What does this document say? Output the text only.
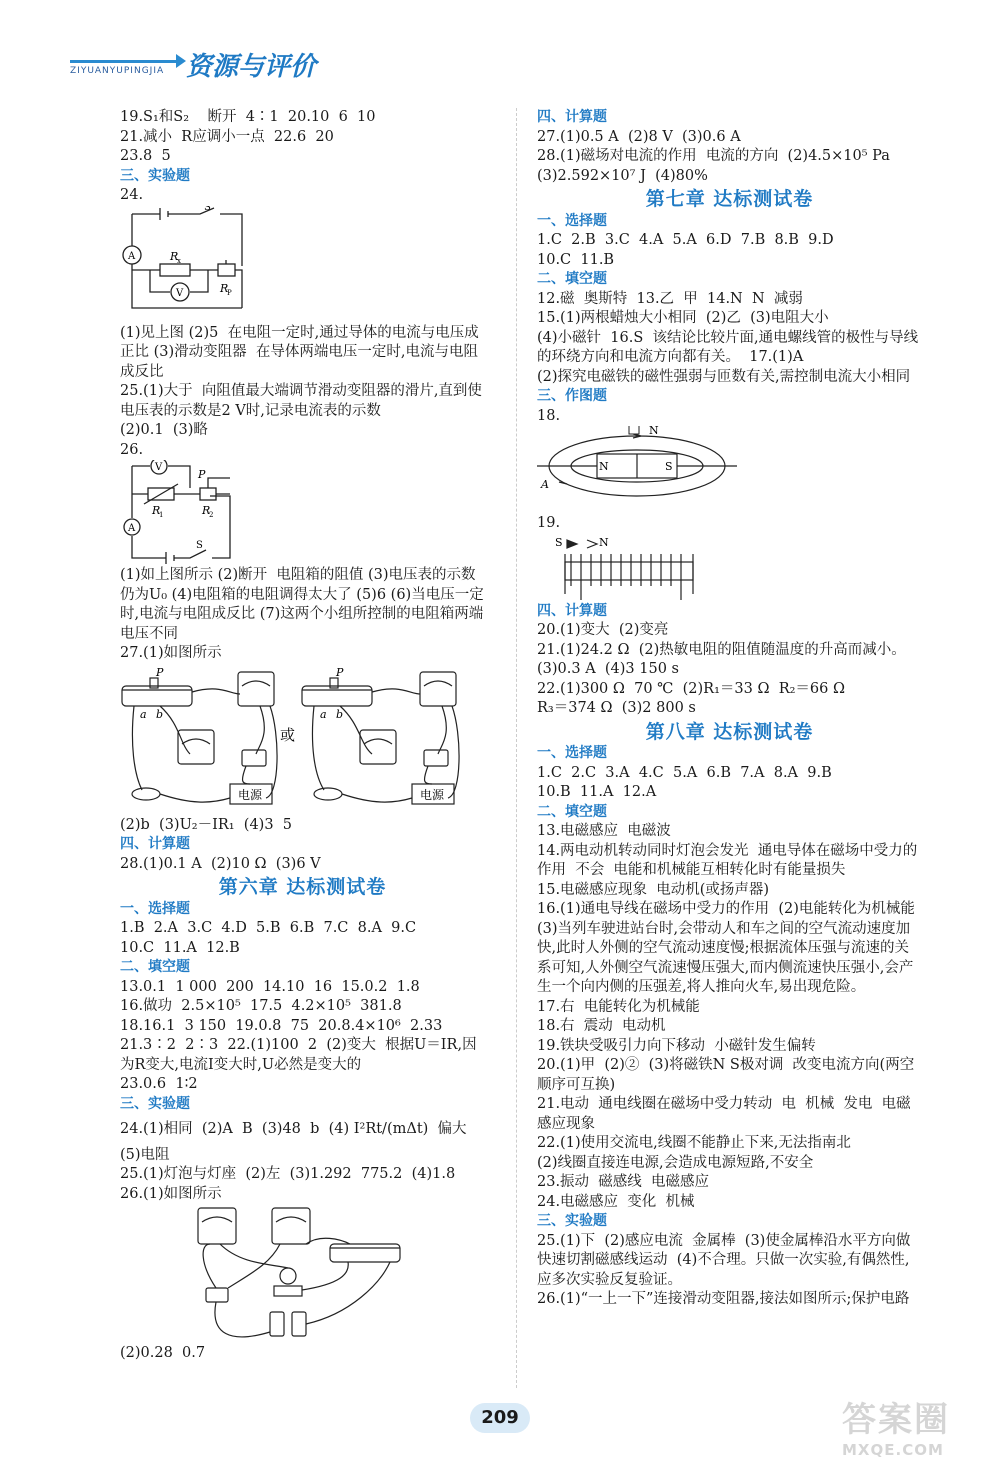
ZIYUANYUPINGJIA 资源与评价
19.S₁和S₂    断开  4∶1  20.10  6  10
21.减小  R应调小一点  22.6  20
23.8  5
三、实验题
24.
A
V
R
x
R
P
S
(1)见上图 (2)5  在电阻一定时,通过导体的电流与电压成正比 (3)滑动变阻器  在导体两端电压一定时,电流与电阻成反比
25.(1)大于  向阻值最大端调节滑动变阻器的滑片,直到使电压表的示数是2 V时,记录电流表的示数
(2)0.1  (3)略
26.
V
A
R
1	R
2
P
S
(1)如上图所示 (2)断开  电阻箱的阻值 (3)电压表的示数仍为U₀ (4)电阻箱的电阻调得太大了 (5)6 (6)当电压一定时,电流与电阻成反比 (7)这两个小组所控制的电阻箱两端电压不同
27.(1)如图所示
P
a b
P
a b
或
电源	电源
(2)b  (3)U₂－IR₁  (4)3  5
四、计算题
28.(1)0.1 A  (2)10 Ω  (3)6 V
第六章 达标测试卷
一、选择题
1.B  2.A  3.C  4.D  5.B  6.B  7.C  8.A  9.C
10.C  11.A  12.B
二、填空题
13.0.1  1 000  200  14.10  16  15.0.2  1.8
16.做功  2.5×10⁵  17.5  4.2×10⁵  381.8
18.16.1  3 150  19.0.8  75  20.8.4×10⁶  2.33
21.3∶2  2∶3  22.(1)100  2  (2)变大  根据U＝IR,因为R变大,电流I变大时,U必然是变大的
23.0.6  1∶2
三、实验题
24.(1)相同  (2)A  B  (3)48  b  (4) I²Rt/(mΔt)  偏大
(5)电阻
25.(1)灯泡与灯座  (2)左  (3)1.292  775.2  (4)1.8
26.(1)如图所示
(2)0.28  0.7
四、计算题
27.(1)0.5 A  (2)8 V  (3)0.6 A
28.(1)磁场对电流的作用  电流的方向  (2)4.5×10⁵ Pa
(3)2.592×10⁷ J  (4)80%
第七章 达标测试卷
一、选择题
1.C  2.B  3.C  4.A  5.A  6.D  7.B  8.B  9.D
10.C  11.B
二、填空题
12.磁  奥斯特  13.乙  甲  14.N  N  减弱
15.(1)两根蜡烛大小相同  (2)乙  (3)电阻大小
(4)小磁针  16.S  该结论比较片面,通电螺线管的极性与导线的环绕方向和电流方向都有关。  17.(1)A
(2)探究电磁铁的磁性强弱与匝数有关,需控制电流大小相同
三、作图题
18.
N	S
N
A
19.
S	N
四、计算题
20.(1)变大  (2)变亮
21.(1)24.2 Ω  (2)热敏电阻的阻值随温度的升高而减小。  (3)0.3 A  (4)3 150 s
22.(1)300 Ω  70 ℃  (2)R₁＝33 Ω  R₂＝66 Ω
R₃＝374 Ω  (3)2 800 s
第八章 达标测试卷
一、选择题
1.C  2.C  3.A  4.C  5.A  6.B  7.A  8.A  9.B
10.B  11.A  12.A
二、填空题
13.电磁感应  电磁波
14.两电动机转动同时灯泡会发光  通电导体在磁场中受力的作用  不会  电能和机械能互相转化时有能量损失
15.电磁感应现象  电动机(或扬声器)
16.(1)通电导线在磁场中受力的作用  (2)电能转化为机械能  (3)当列车驶进站台时,会带动人和车之间的空气流动速度加快,此时人外侧的空气流动速度慢;根据流体压强与流速的关系可知,人外侧空气流速慢压强大,而内侧流速快压强小,会产生一个向内侧的压强差,将人推向火车,易出现危险。
17.右  电能转化为机械能
18.右  震动  电动机
19.铁块受吸引力向下移动  小磁针发生偏转
20.(1)甲  (2)②  (3)将磁铁N S极对调  改变电流方向(两空顺序可互换)
21.电动  通电线圈在磁场中受力转动  电  机械  发电  电磁感应现象
22.(1)使用交流电,线圈不能静止下来,无法指南北
(2)线圈直接连电源,会造成电源短路,不安全
23.振动  磁感线  电磁感应
24.电磁感应  变化  机械
三、实验题
25.(1)下  (2)感应电流  金属棒  (3)使金属棒沿水平方向做快速切割磁感线运动  (4)不合理。只做一次实验,有偶然性,应多次实验反复验证。
26.(1)“一上一下”连接滑动变阻器,接法如图所示;保护电路
209	答案圈
MXQE.COM
